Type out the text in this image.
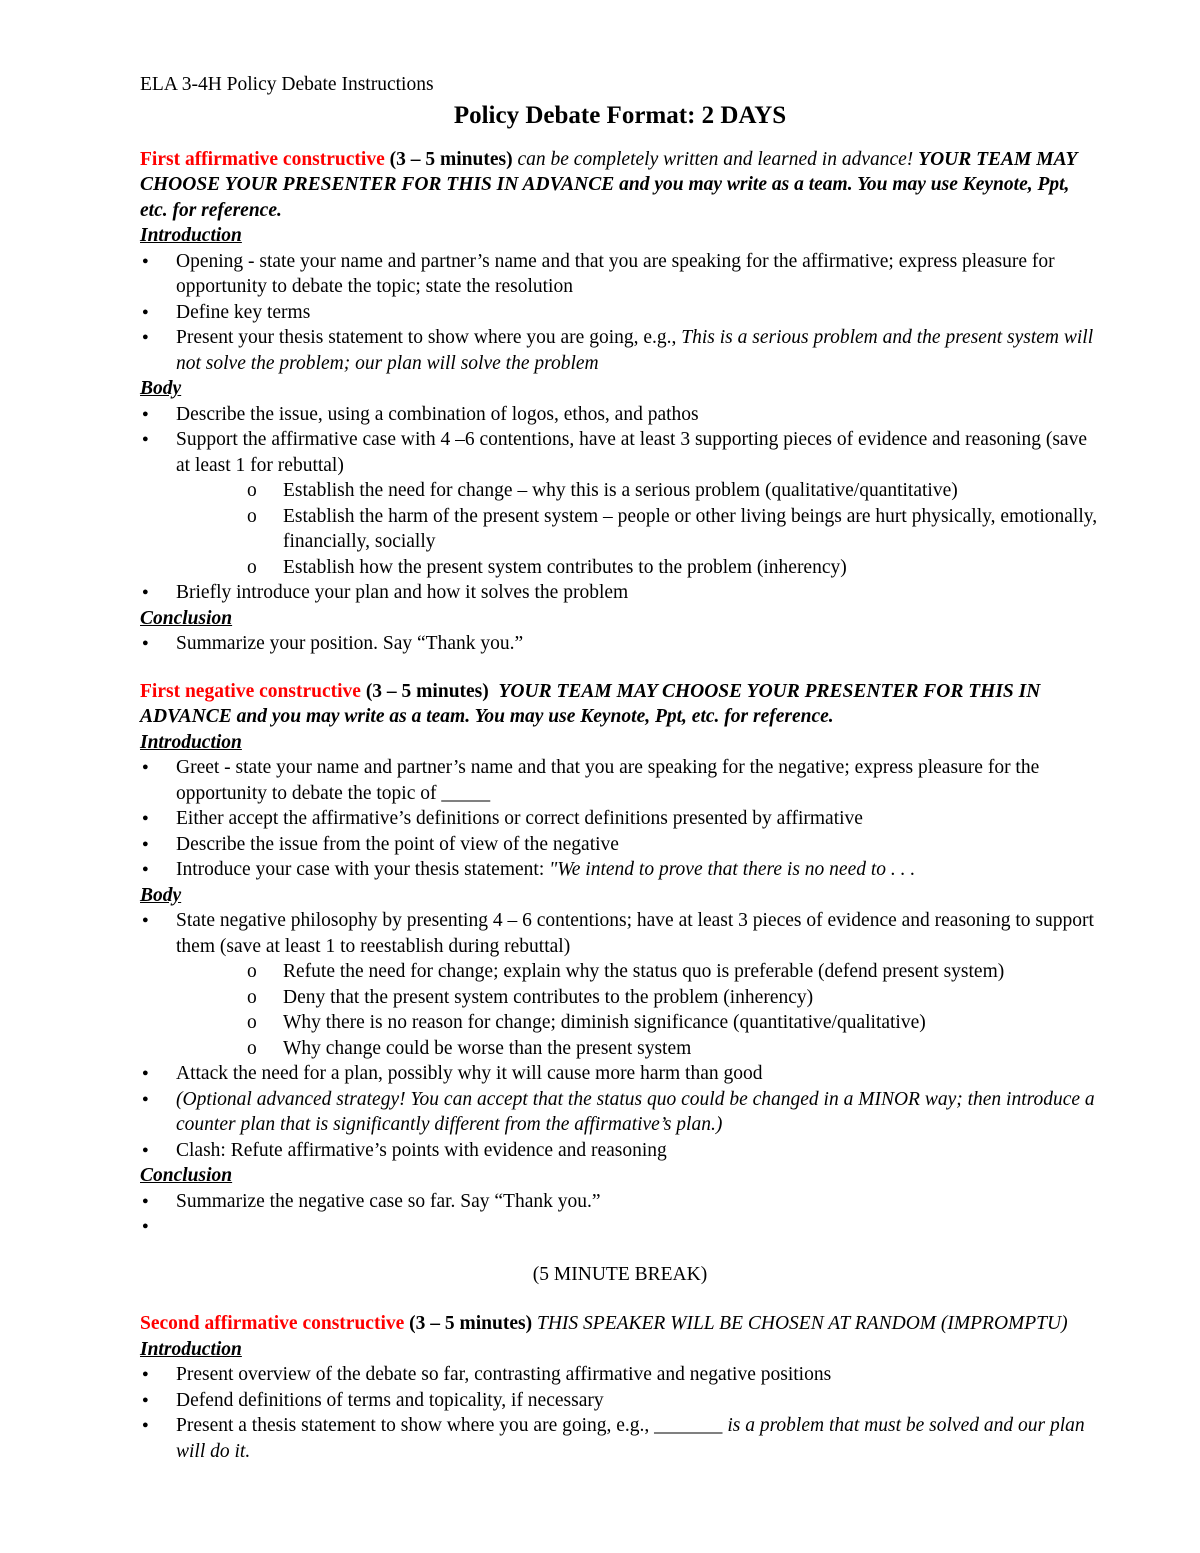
ELA 3-4H Policy Debate Instructions

Policy Debate Format: 2 DAYS

First affirmative constructive (3 – 5 minutes) can be completely written and learned in advance! YOUR TEAM MAY CHOOSE YOUR PRESENTER FOR THIS IN ADVANCE and you may write as a team. You may use Keynote, Ppt, etc. for reference.

Introduction

● Opening - state your name and partner’s name and that you are speaking for the affirmative; express pleasure for opportunity to debate the topic; state the resolution
● Define key terms
● Present your thesis statement to show where you are going, e.g., This is a serious problem and the present system will not solve the problem; our plan will solve the problem

Body

● Describe the issue, using a combination of logos, ethos, and pathos
● Support the affirmative case with 4 –6 contentions, have at least 3 supporting pieces of evidence and reasoning (save at least 1 for rebuttal)
o Establish the need for change – why this is a serious problem (qualitative/quantitative)
o Establish the harm of the present system – people or other living beings are hurt physically, emotionally, financially, socially
o Establish how the present system contributes to the problem (inherency)
● Briefly introduce your plan and how it solves the problem

Conclusion

● Summarize your position. Say “Thank you.”

First negative constructive (3 – 5 minutes) YOUR TEAM MAY CHOOSE YOUR PRESENTER FOR THIS IN ADVANCE and you may write as a team. You may use Keynote, Ppt, etc. for reference.

Introduction

● Greet - state your name and partner’s name and that you are speaking for the negative; express pleasure for the opportunity to debate the topic of _____
● Either accept the affirmative’s definitions or correct definitions presented by affirmative
● Describe the issue from the point of view of the negative
● Introduce your case with your thesis statement: "We intend to prove that there is no need to . . .

Body

● State negative philosophy by presenting 4 – 6 contentions; have at least 3 pieces of evidence and reasoning to support them (save at least 1 to reestablish during rebuttal)
o Refute the need for change; explain why the status quo is preferable (defend present system)
o Deny that the present system contributes to the problem (inherency)
o Why there is no reason for change; diminish significance (quantitative/qualitative)
o Why change could be worse than the present system
● Attack the need for a plan, possibly why it will cause more harm than good
● (Optional advanced strategy! You can accept that the status quo could be changed in a MINOR way; then introduce a counter plan that is significantly different from the affirmative’s plan.)
● Clash: Refute affirmative’s points with evidence and reasoning

Conclusion

● Summarize the negative case so far. Say “Thank you.”
●

(5 MINUTE BREAK)

Second affirmative constructive (3 – 5 minutes) THIS SPEAKER WILL BE CHOSEN AT RANDOM (IMPROMPTU)

Introduction

● Present overview of the debate so far, contrasting affirmative and negative positions
● Defend definitions of terms and topicality, if necessary
● Present a thesis statement to show where you are going, e.g., _______ is a problem that must be solved and our plan will do it.
